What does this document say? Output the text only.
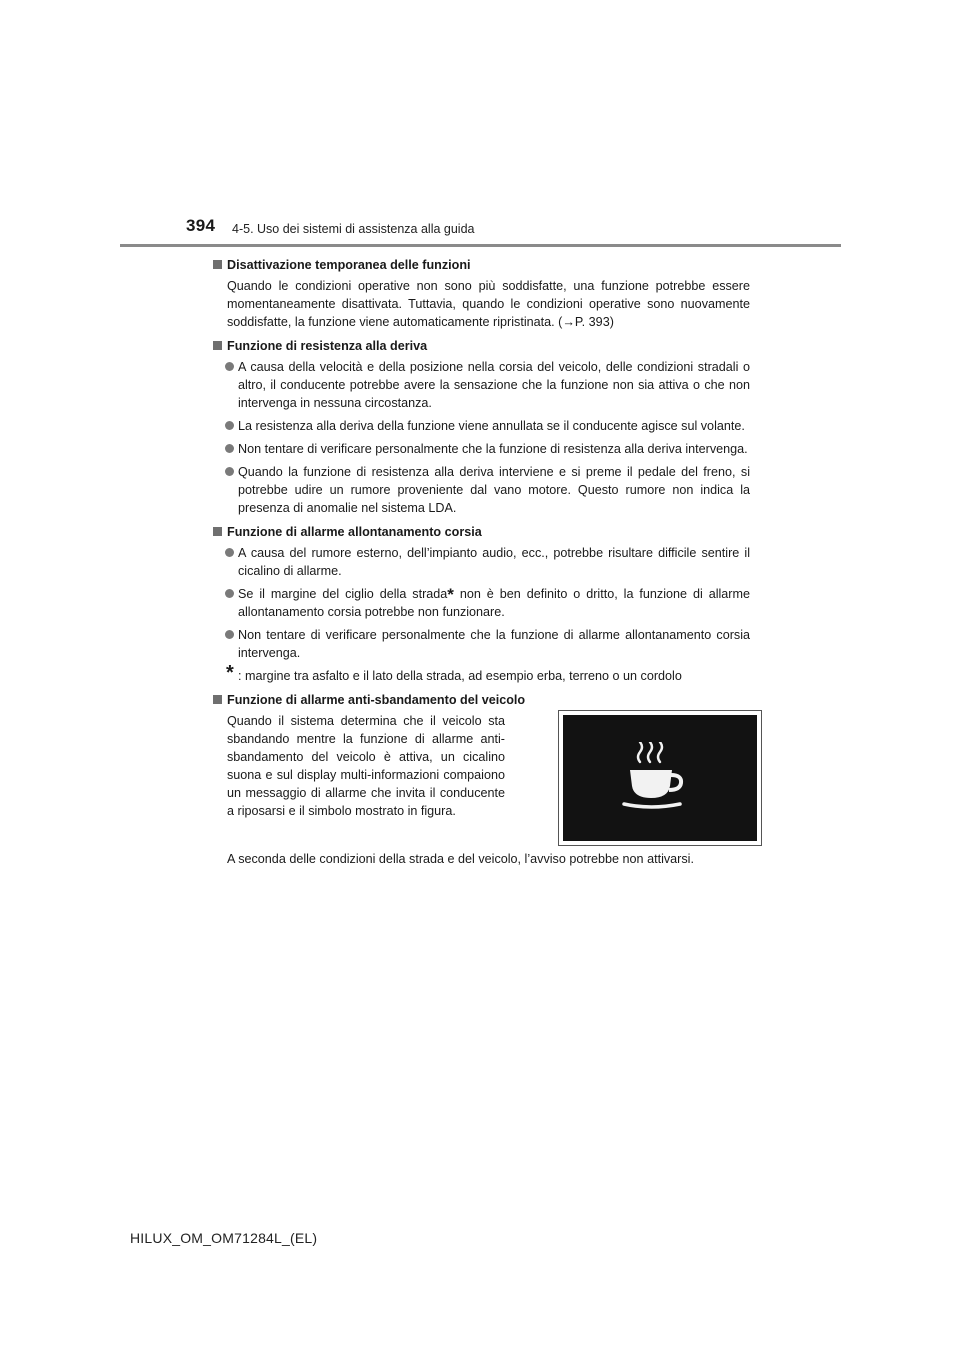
394 4-5. Uso dei sistemi di assistenza alla guida
Disattivazione temporanea delle funzioni
Quando le condizioni operative non sono più soddisfatte, una funzione potrebbe essere momentaneamente disattivata. Tuttavia, quando le condizioni operative sono nuovamente soddisfatte, la funzione viene automaticamente ripristinata. (→P. 393)
Funzione di resistenza alla deriva
A causa della velocità e della posizione nella corsia del veicolo, delle condizioni stradali o altro, il conducente potrebbe avere la sensazione che la funzione non sia attiva o che non intervenga in nessuna circostanza.
La resistenza alla deriva della funzione viene annullata se il conducente agisce sul volante.
Non tentare di verificare personalmente che la funzione di resistenza alla deriva intervenga.
Quando la funzione di resistenza alla deriva interviene e si preme il pedale del freno, si potrebbe udire un rumore proveniente dal vano motore. Questo rumore non indica la presenza di anomalie nel sistema LDA.
Funzione di allarme allontanamento corsia
A causa del rumore esterno, dell’impianto audio, ecc., potrebbe risultare difficile sentire il cicalino di allarme.
Se il margine del ciglio della strada* non è ben definito o dritto, la funzione di allarme allontanamento corsia potrebbe non funzionare.
Non tentare di verificare personalmente che la funzione di allarme allontanamento corsia intervenga.
* : margine tra asfalto e il lato della strada, ad esempio erba, terreno o un cordolo
Funzione di allarme anti-sbandamento del veicolo
Quando il sistema determina che il veicolo sta sbandando mentre la funzione di allarme anti-sbandamento del veicolo è attiva, un cicalino suona e sul display multi-informazioni compaiono un messaggio di allarme che invita il conducente a riposarsi e il simbolo mostrato in figura.
A seconda delle condizioni della strada e del veicolo, l’avviso potrebbe non attivarsi.
HILUX_OM_OM71284L_(EL)
